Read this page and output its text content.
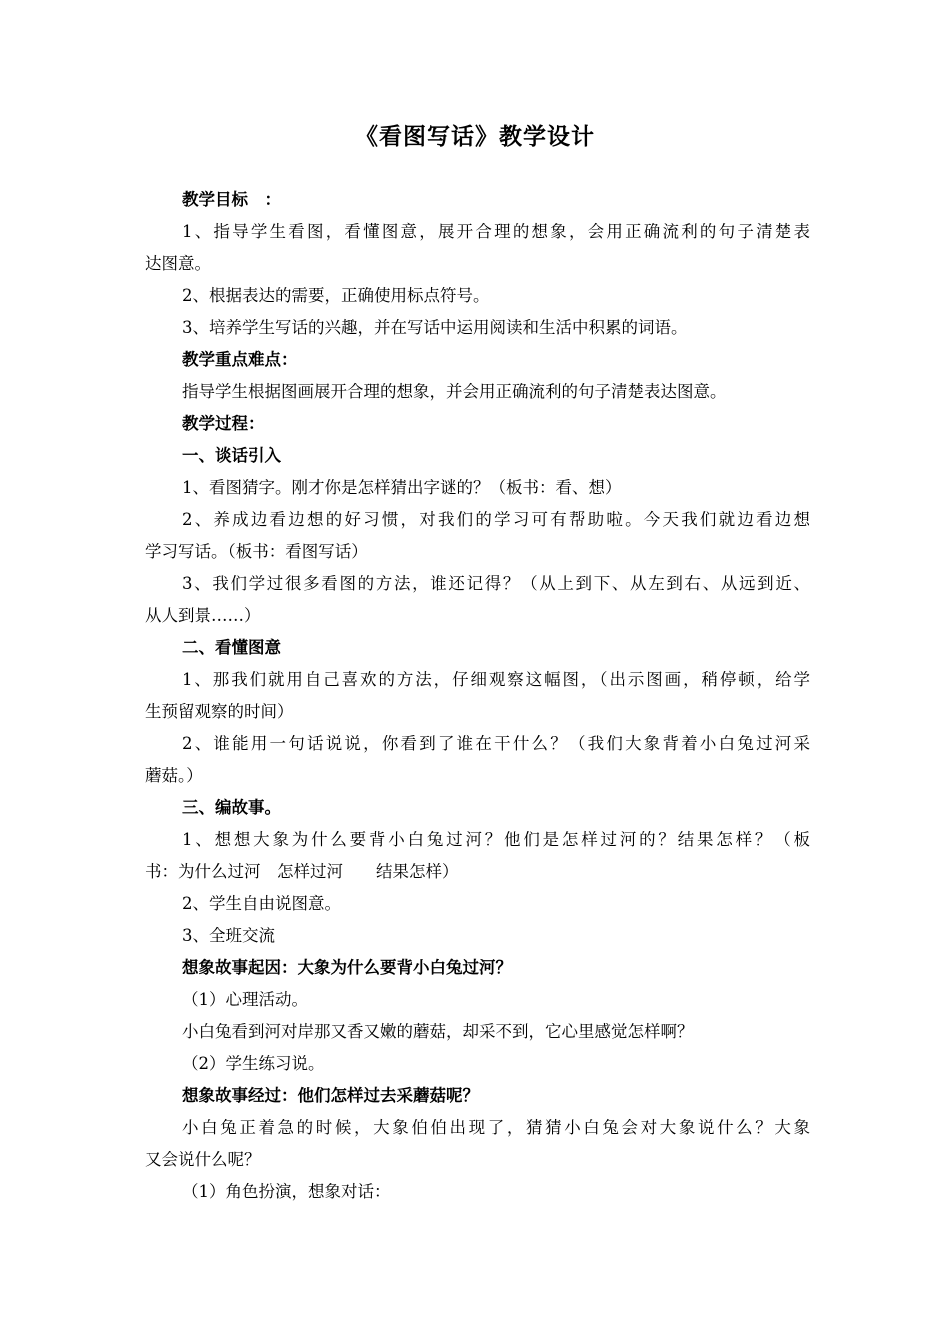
《看图写话》教学设计
教学目标　：
1、指导学生看图，看懂图意，展开合理的想象，会用正确流利的句子清楚表
达图意。
2、根据表达的需要，正确使用标点符号。
3、培养学生写话的兴趣，并在写话中运用阅读和生活中积累的词语。
教学重点难点：
指导学生根据图画展开合理的想象，并会用正确流利的句子清楚表达图意。
教学过程：
一、谈话引入
1、看图猜字。刚才你是怎样猜出字谜的？（板书：看、想）
2、养成边看边想的好习惯，对我们的学习可有帮助啦。今天我们就边看边想
学习写话。（板书：看图写话）
3、我们学过很多看图的方法，谁还记得？（从上到下、从左到右、从远到近、
从人到景……）
二、看懂图意
1、那我们就用自己喜欢的方法，仔细观察这幅图，（出示图画，稍停顿，给学
生预留观察的时间）
2、谁能用一句话说说，你看到了谁在干什么？（我们大象背着小白兔过河采
蘑菇。）
三、编故事。
1、想想大象为什么要背小白兔过河？他们是怎样过河的？结果怎样？（板
书：为什么过河　怎样过河　　结果怎样）
2、学生自由说图意。
3、全班交流
想象故事起因：大象为什么要背小白兔过河？
（1）心理活动。
小白兔看到河对岸那又香又嫩的蘑菇，却采不到，它心里感觉怎样啊？
（2）学生练习说。
想象故事经过：他们怎样过去采蘑菇呢？
小白兔正着急的时候，大象伯伯出现了，猜猜小白兔会对大象说什么？大象
又会说什么呢？
（1）角色扮演，想象对话：
